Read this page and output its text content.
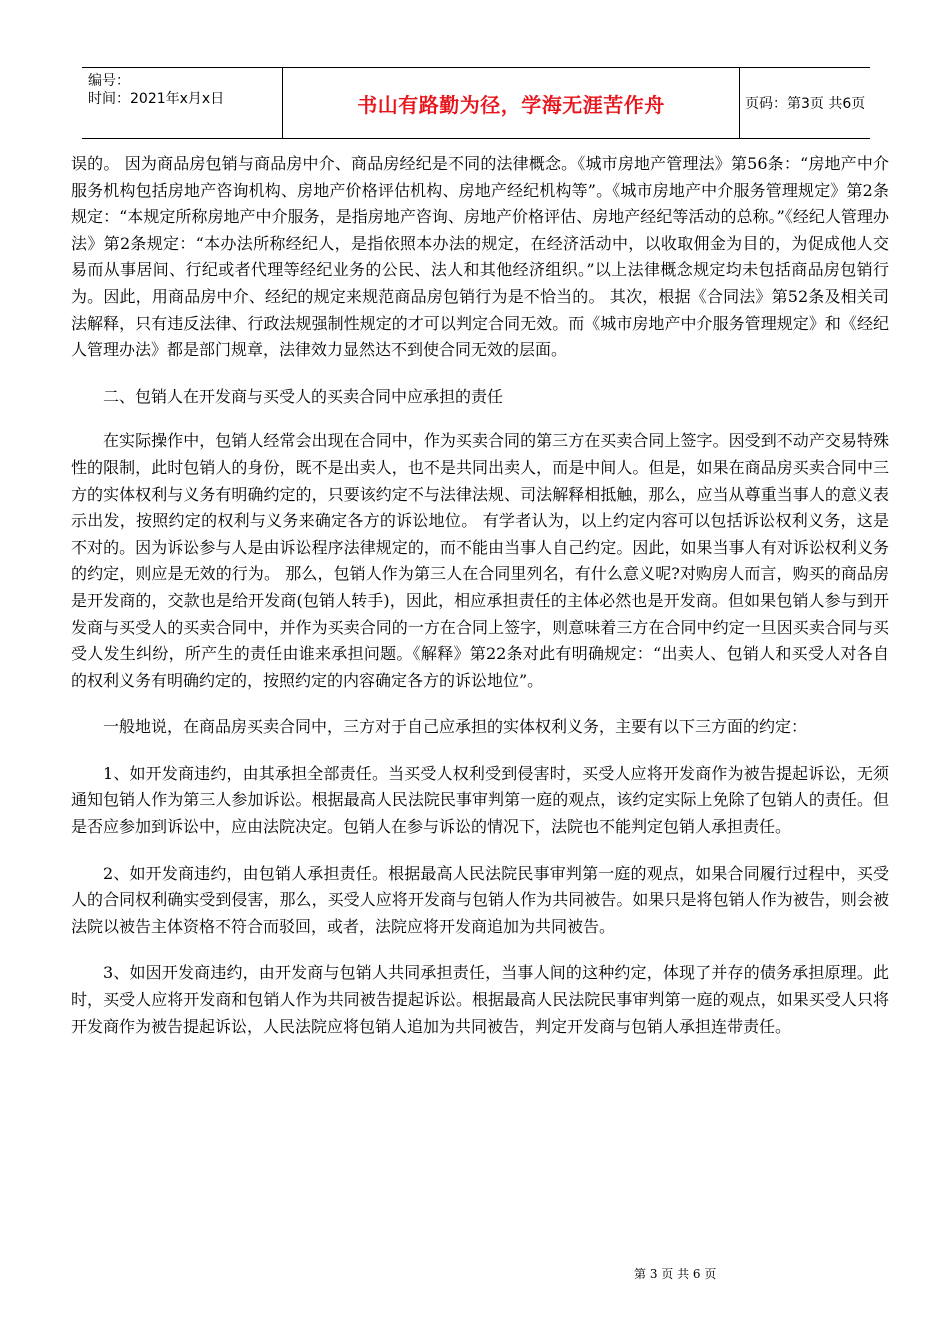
编号：
时间：2021年x月x日	书山有路勤为径，学海无涯苦作舟	页码：第3页 共6页

误的。 因为商品房包销与商品房中介、商品房经纪是不同的法律概念。《城市房地产管理法》第56条：“房地产中介服务机构包括房地产咨询机构、房地产价格评估机构、房地产经纪机构等”。《城市房地产中介服务管理规定》第2条规定：“本规定所称房地产中介服务，是指房地产咨询、房地产价格评估、房地产经纪等活动的总称。”《经纪人管理办法》第2条规定：“本办法所称经纪人，是指依照本办法的规定，在经济活动中，以收取佣金为目的，为促成他人交易而从事居间、行纪或者代理等经纪业务的公民、法人和其他经济组织。”以上法律概念规定均未包括商品房包销行为。因此，用商品房中介、经纪的规定来规范商品房包销行为是不恰当的。 其次，根据《合同法》第52条及相关司法解释，只有违反法律、行政法规强制性规定的才可以判定合同无效。而《城市房地产中介服务管理规定》和《经纪人管理办法》都是部门规章，法律效力显然达不到使合同无效的层面。

二、包销人在开发商与买受人的买卖合同中应承担的责任

在实际操作中，包销人经常会出现在合同中，作为买卖合同的第三方在买卖合同上签字。因受到不动产交易特殊性的限制，此时包销人的身份，既不是出卖人，也不是共同出卖人，而是中间人。但是，如果在商品房买卖合同中三方的实体权利与义务有明确约定的，只要该约定不与法律法规、司法解释相抵触，那么，应当从尊重当事人的意义表示出发，按照约定的权利与义务来确定各方的诉讼地位。 有学者认为，以上约定内容可以包括诉讼权利义务，这是不对的。因为诉讼参与人是由诉讼程序法律规定的，而不能由当事人自己约定。因此，如果当事人有对诉讼权利义务的约定，则应是无效的行为。 那么，包销人作为第三人在合同里列名，有什么意义呢?对购房人而言，购买的商品房是开发商的，交款也是给开发商(包销人转手)，因此，相应承担责任的主体必然也是开发商。但如果包销人参与到开发商与买受人的买卖合同中，并作为买卖合同的一方在合同上签字，则意味着三方在合同中约定一旦因买卖合同与买受人发生纠纷，所产生的责任由谁来承担问题。《解释》第22条对此有明确规定：“出卖人、包销人和买受人对各自的权利义务有明确约定的，按照约定的内容确定各方的诉讼地位”。

一般地说，在商品房买卖合同中，三方对于自己应承担的实体权利义务，主要有以下三方面的约定：

1、如开发商违约，由其承担全部责任。当买受人权利受到侵害时，买受人应将开发商作为被告提起诉讼，无须通知包销人作为第三人参加诉讼。根据最高人民法院民事审判第一庭的观点，该约定实际上免除了包销人的责任。但是否应参加到诉讼中，应由法院决定。包销人在参与诉讼的情况下，法院也不能判定包销人承担责任。

2、如开发商违约，由包销人承担责任。根据最高人民法院民事审判第一庭的观点，如果合同履行过程中，买受人的合同权利确实受到侵害，那么，买受人应将开发商与包销人作为共同被告。如果只是将包销人作为被告，则会被法院以被告主体资格不符合而驳回，或者，法院应将开发商追加为共同被告。

3、如因开发商违约，由开发商与包销人共同承担责任，当事人间的这种约定，体现了并存的债务承担原理。此时，买受人应将开发商和包销人作为共同被告提起诉讼。根据最高人民法院民事审判第一庭的观点，如果买受人只将开发商作为被告提起诉讼，人民法院应将包销人追加为共同被告，判定开发商与包销人承担连带责任。

第 3 页 共 6 页
